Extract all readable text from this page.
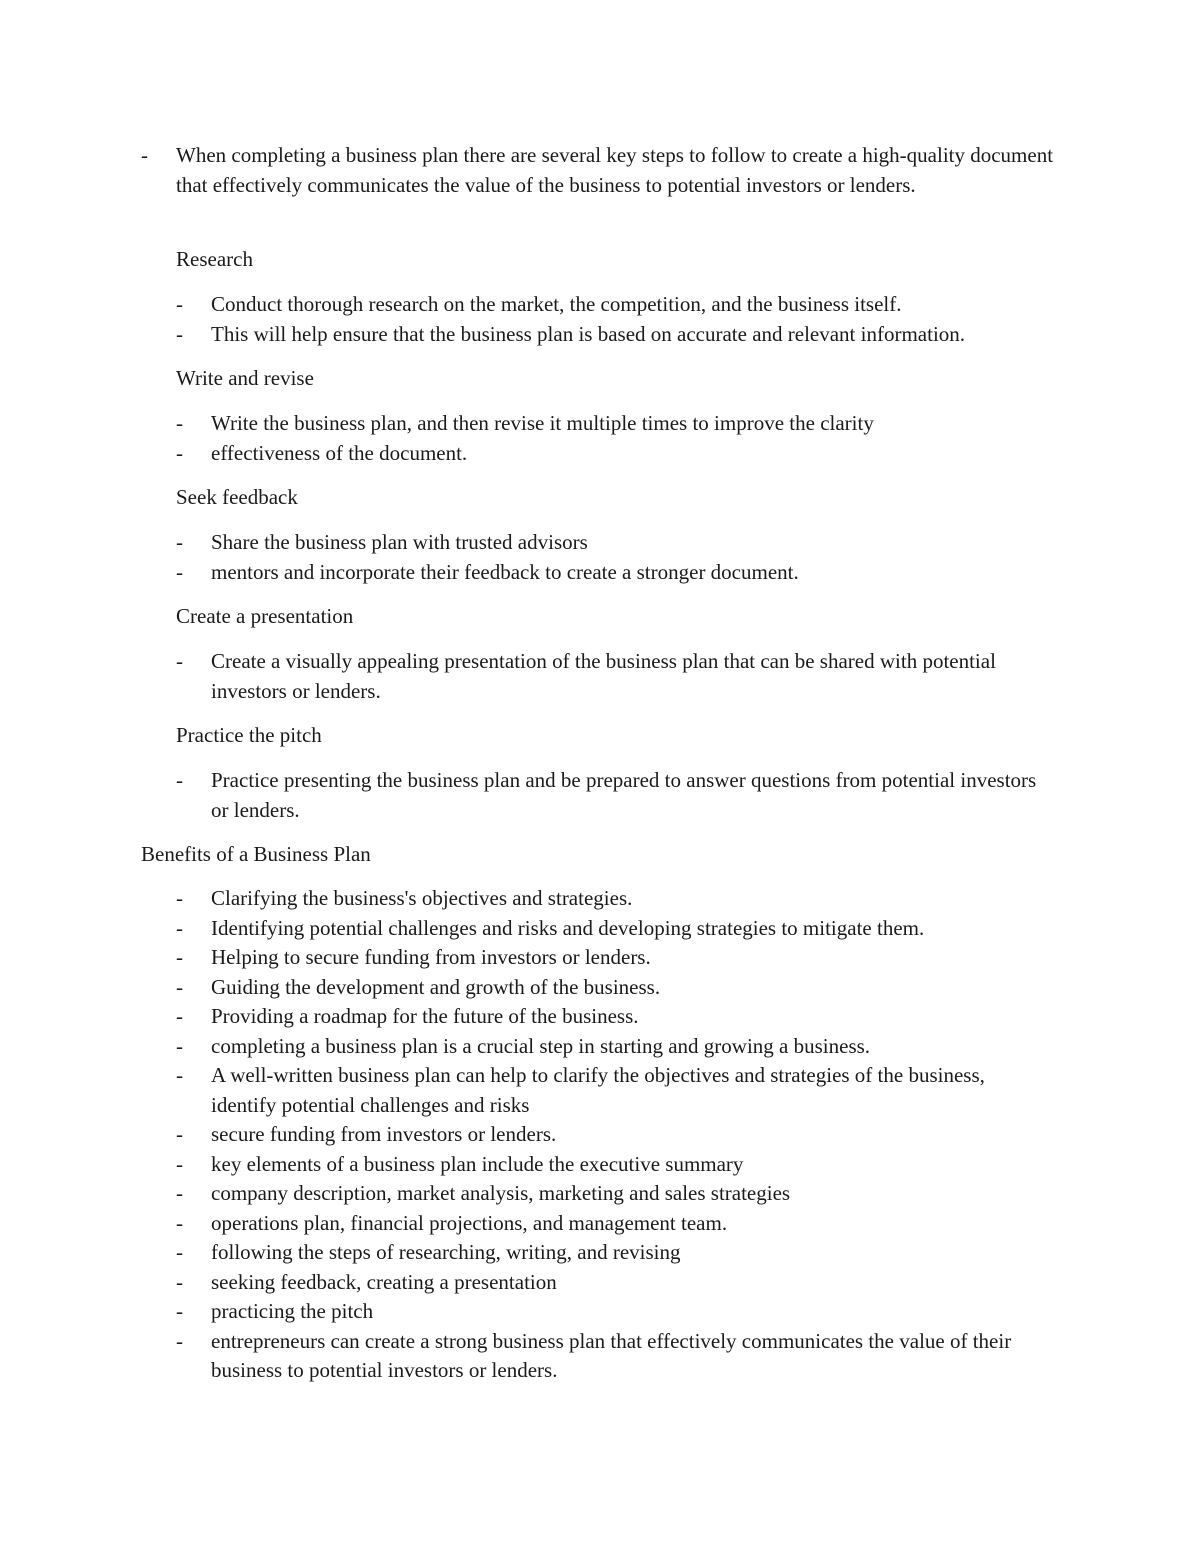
- When completing a business plan there are several key steps to follow to create a high-quality document that effectively communicates the value of the business to potential investors or lenders.
Research
- Conduct thorough research on the market, the competition, and the business itself.
- This will help ensure that the business plan is based on accurate and relevant information.
Write and revise
- Write the business plan, and then revise it multiple times to improve the clarity
- effectiveness of the document.
Seek feedback
- Share the business plan with trusted advisors
- mentors and incorporate their feedback to create a stronger document.
Create a presentation
- Create a visually appealing presentation of the business plan that can be shared with potential investors or lenders.
Practice the pitch
- Practice presenting the business plan and be prepared to answer questions from potential investors or lenders.
Benefits of a Business Plan
- Clarifying the business's objectives and strategies.
- Identifying potential challenges and risks and developing strategies to mitigate them.
- Helping to secure funding from investors or lenders.
- Guiding the development and growth of the business.
- Providing a roadmap for the future of the business.
- completing a business plan is a crucial step in starting and growing a business.
- A well-written business plan can help to clarify the objectives and strategies of the business, identify potential challenges and risks
- secure funding from investors or lenders.
- key elements of a business plan include the executive summary
- company description, market analysis, marketing and sales strategies
- operations plan, financial projections, and management team.
- following the steps of researching, writing, and revising
- seeking feedback, creating a presentation
- practicing the pitch
- entrepreneurs can create a strong business plan that effectively communicates the value of their business to potential investors or lenders.
